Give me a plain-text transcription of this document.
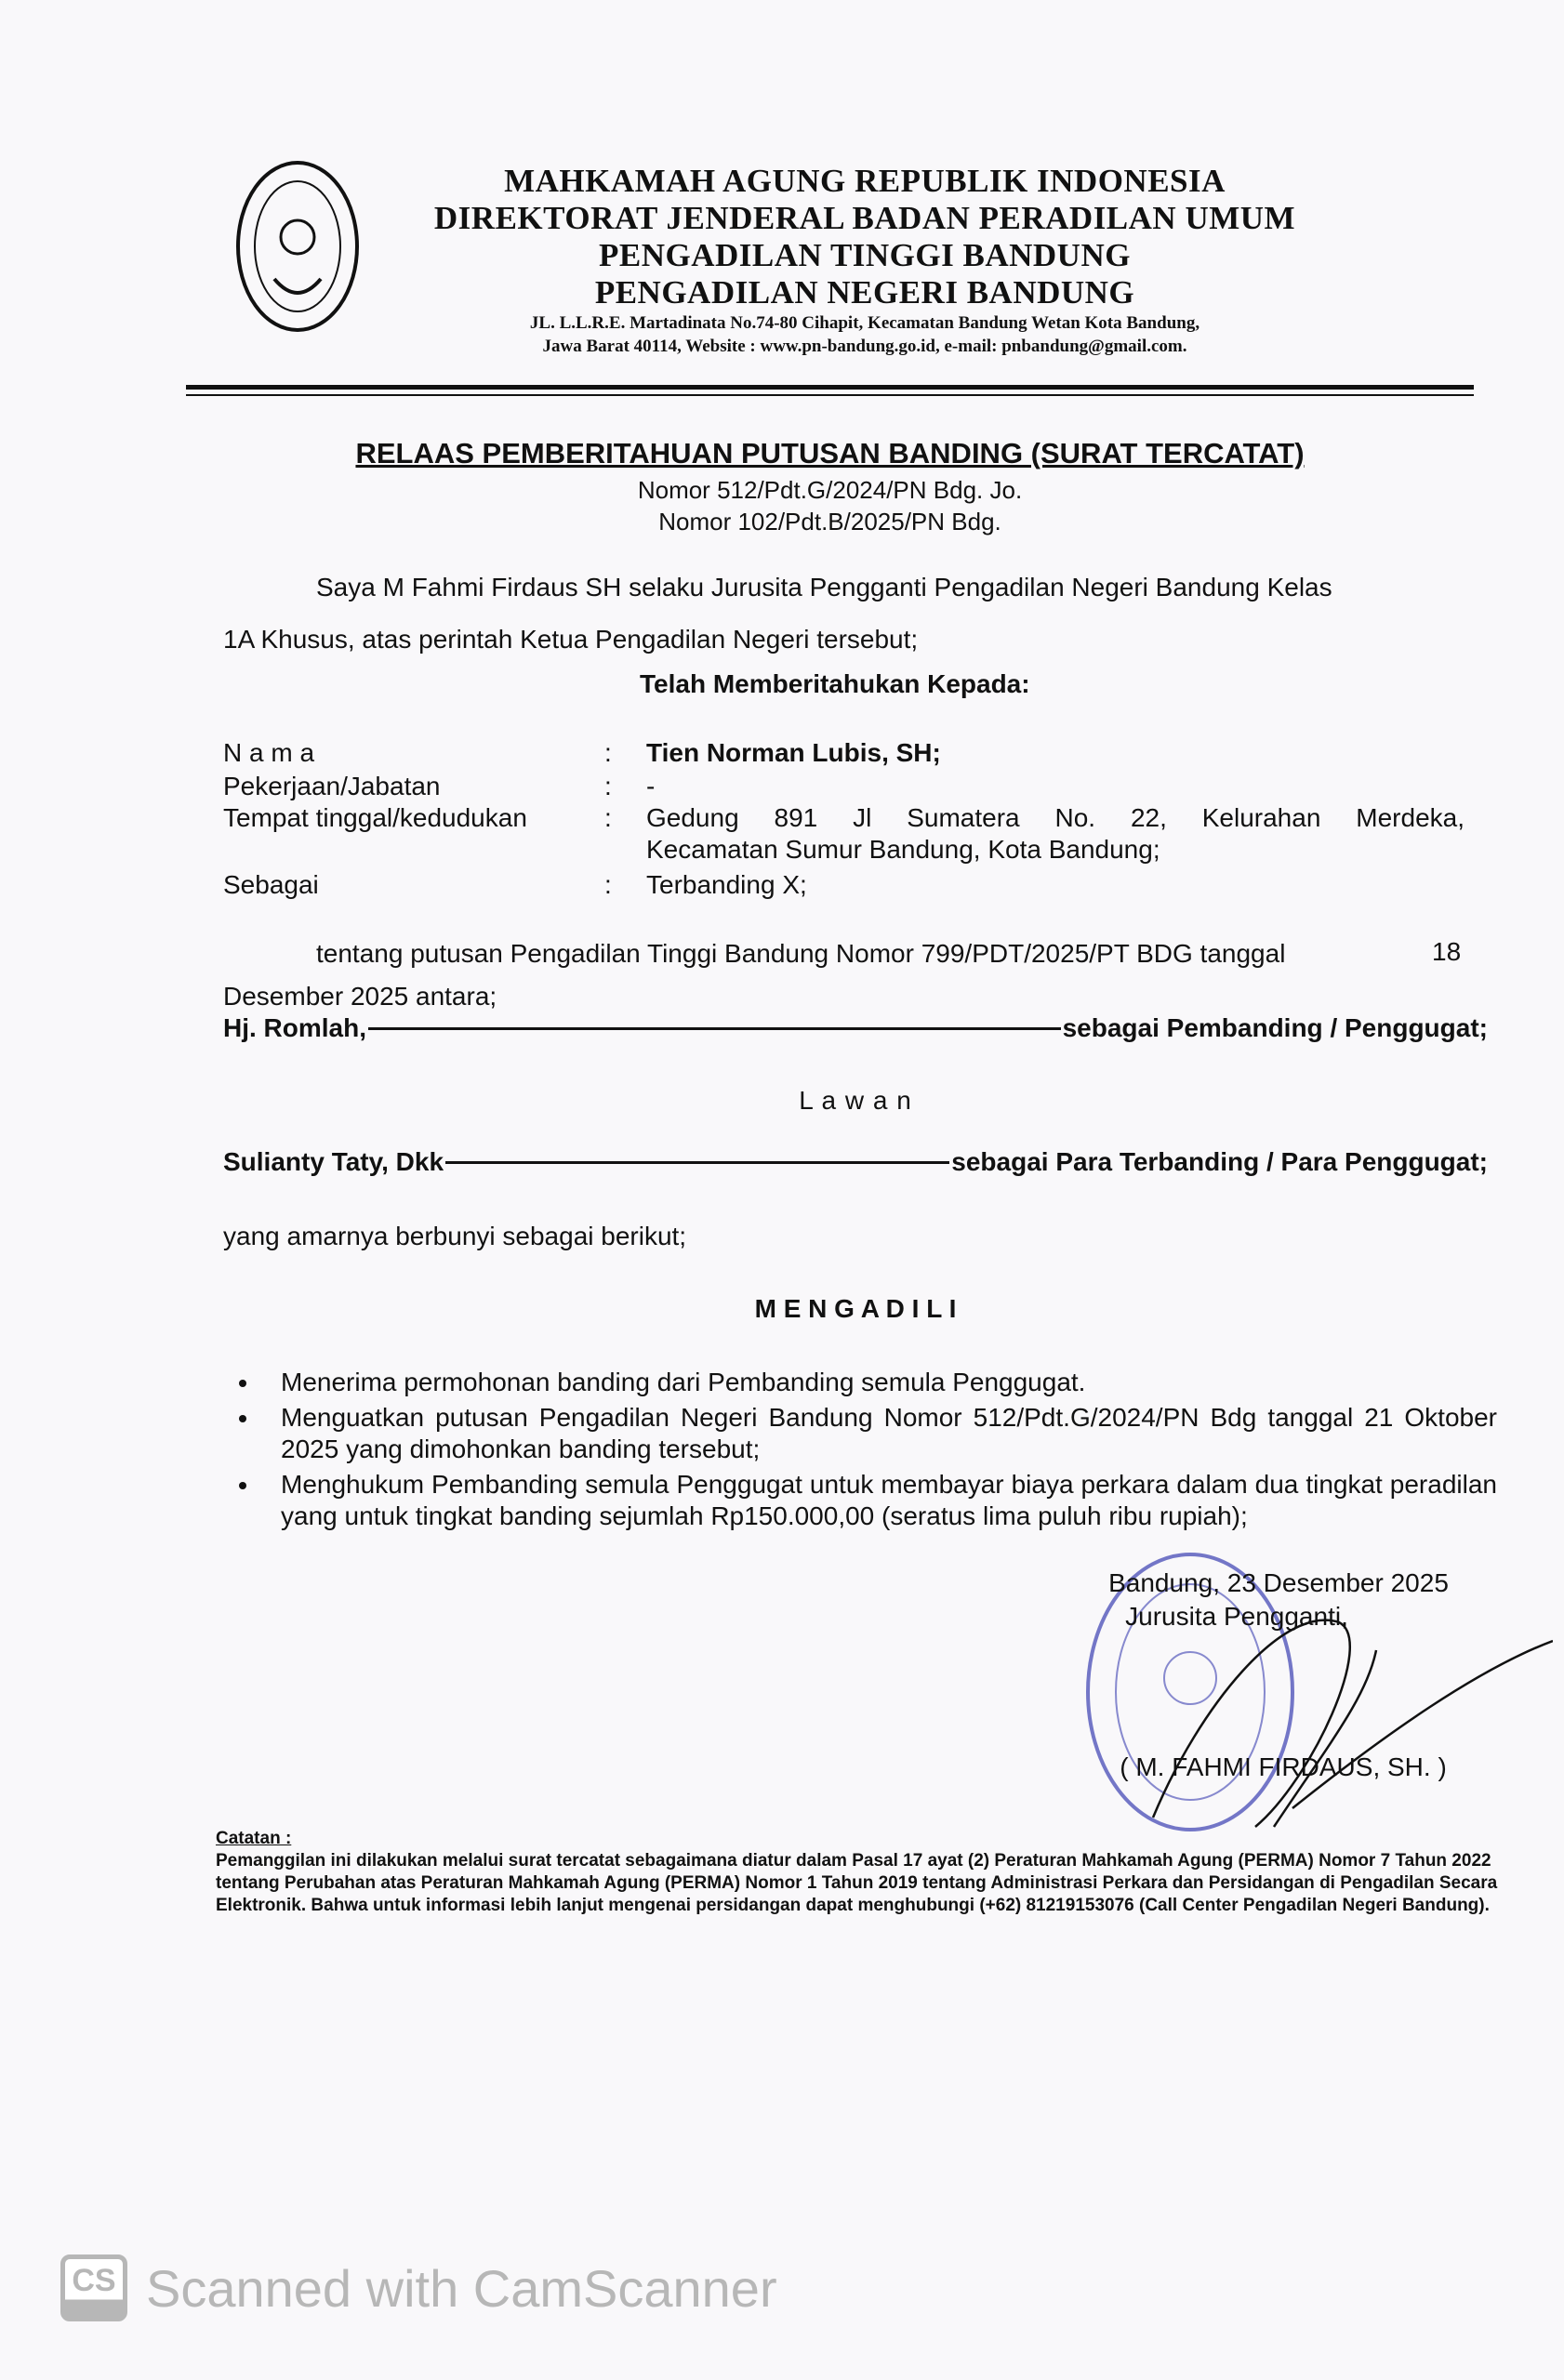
MAHKAMAH AGUNG REPUBLIK INDONESIA
DIREKTORAT JENDERAL BADAN PERADILAN UMUM
PENGADILAN TINGGI BANDUNG
PENGADILAN NEGERI BANDUNG
JL. L.L.R.E. Martadinata No.74-80 Cihapit, Kecamatan Bandung Wetan Kota Bandung,
Jawa Barat 40114, Website : www.pn-bandung.go.id, e-mail: pnbandung@gmail.com.
RELAAS PEMBERITAHUAN PUTUSAN BANDING (SURAT TERCATAT)
Nomor 512/Pdt.G/2024/PN Bdg. Jo.
Nomor 102/Pdt.B/2025/PN Bdg.
Saya M Fahmi Firdaus SH selaku Jurusita Pengganti Pengadilan Negeri Bandung Kelas
1A Khusus, atas perintah Ketua Pengadilan Negeri tersebut;
Telah Memberitahukan Kepada:
N a m a	: Tien Norman Lubis, SH;
Pekerjaan/Jabatan	: -
Tempat tinggal/kedudukan	: Gedung 891 Jl Sumatera No. 22, Kelurahan Merdeka,
Kecamatan Sumur Bandung, Kota Bandung;
Sebagai	: Terbanding X;
tentang putusan Pengadilan Tinggi Bandung Nomor 799/PDT/2025/PT BDG tanggal	18
Desember 2025 antara;
Hj. Romlah,	sebagai Pembanding / Penggugat;
L a w a n
Sulianty Taty, Dkk	sebagai Para Terbanding / Para Penggugat;
yang amarnya berbunyi sebagai berikut;
M E N G A D I L I
• Menerima permohonan banding dari Pembanding semula Penggugat.
• Menguatkan putusan Pengadilan Negeri Bandung Nomor 512/Pdt.G/2024/PN Bdg tanggal 21 Oktober 2025 yang dimohonkan banding tersebut;
• Menghukum Pembanding semula Penggugat untuk membayar biaya perkara dalam dua tingkat peradilan yang untuk tingkat banding sejumlah Rp150.000,00 (seratus lima puluh ribu rupiah);
Bandung, 23 Desember 2025
Jurusita Pengganti,
( M. FAHMI FIRDAUS, SH. )
Catatan :
Pemanggilan ini dilakukan melalui surat tercatat sebagaimana diatur dalam Pasal 17 ayat (2) Peraturan Mahkamah Agung (PERMA) Nomor 7 Tahun 2022 tentang Perubahan atas Peraturan Mahkamah Agung (PERMA) Nomor 1 Tahun 2019 tentang Administrasi Perkara dan Persidangan di Pengadilan Secara Elektronik. Bahwa untuk informasi lebih lanjut mengenai persidangan dapat menghubungi (+62) 81219153076 (Call Center Pengadilan Negeri Bandung).
CS Scanned with CamScanner
